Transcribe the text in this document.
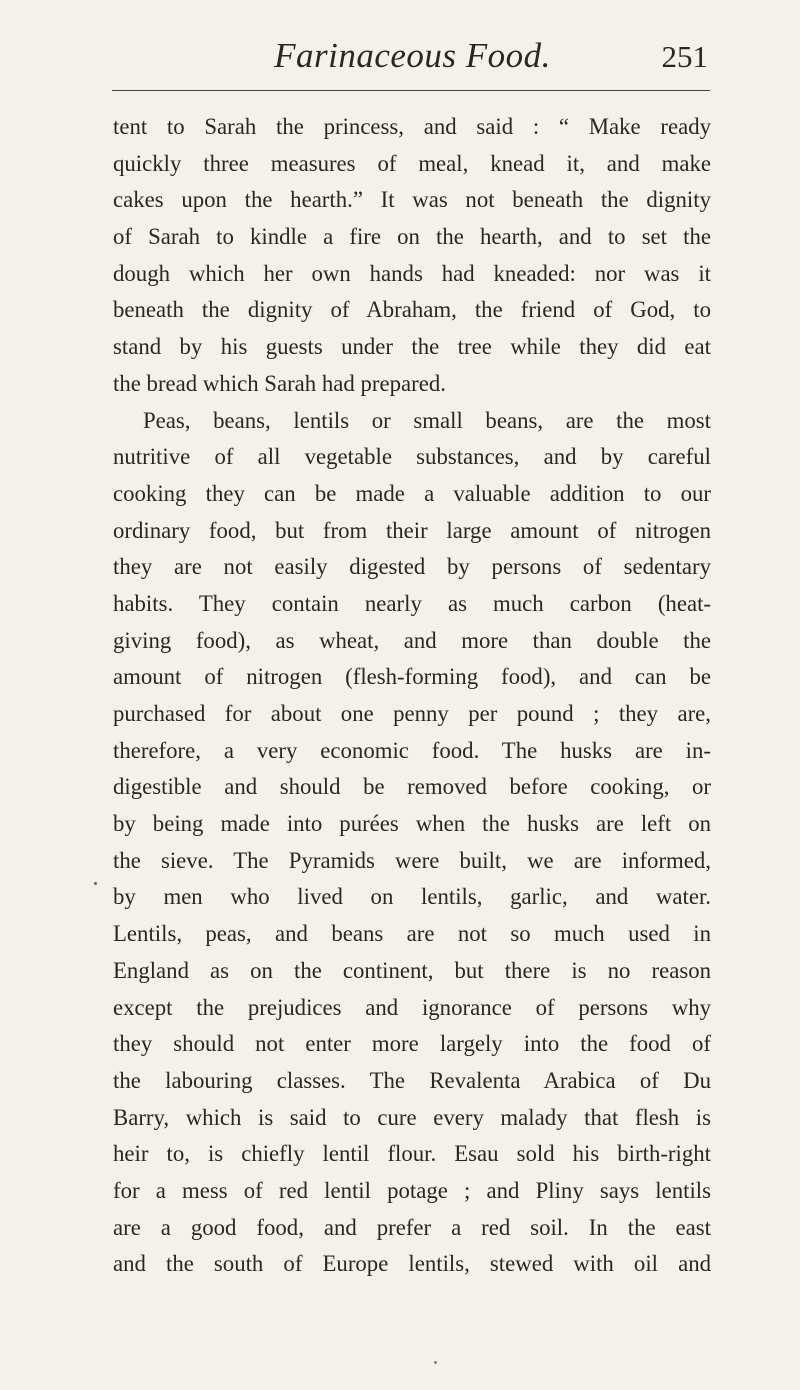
Farinaceous Food.	251
tent to Sarah the princess, and said : “ Make ready
quickly three measures of meal, knead it, and make
cakes upon the hearth.” It was not beneath the dignity
of Sarah to kindle a fire on the hearth, and to set the
dough which her own hands had kneaded: nor was it
beneath the dignity of Abraham, the friend of God, to
stand by his guests under the tree while they did eat
the bread which Sarah had prepared.
Peas, beans, lentils or small beans, are the most
nutritive of all vegetable substances, and by careful
cooking they can be made a valuable addition to our
ordinary food, but from their large amount of nitrogen
they are not easily digested by persons of sedentary
habits. They contain nearly as much carbon (heat-
giving food), as wheat, and more than double the
amount of nitrogen (flesh-forming food), and can be
purchased for about one penny per pound ; they are,
therefore, a very economic food. The husks are in-
digestible and should be removed before cooking, or
by being made into purées when the husks are left on
the sieve. The Pyramids were built, we are informed,
by men who lived on lentils, garlic, and water.
Lentils, peas, and beans are not so much used in
England as on the continent, but there is no reason
except the prejudices and ignorance of persons why
they should not enter more largely into the food of
the labouring classes. The Revalenta Arabica of Du
Barry, which is said to cure every malady that flesh is
heir to, is chiefly lentil flour. Esau sold his birth-right
for a mess of red lentil potage ; and Pliny says lentils
are a good food, and prefer a red soil. In the east
and the south of Europe lentils, stewed with oil and
